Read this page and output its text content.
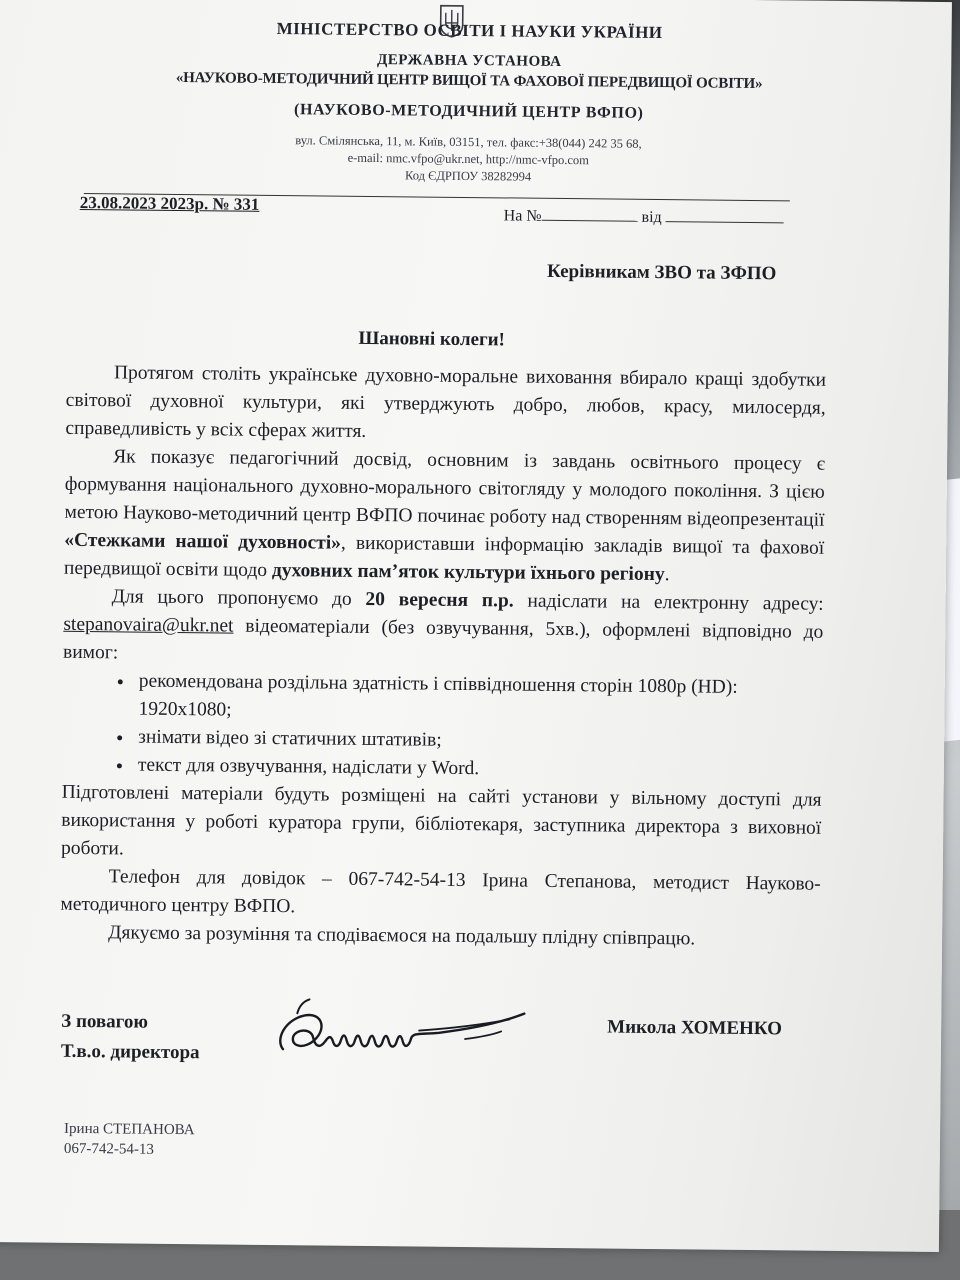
МІНІСТЕРСТВО ОСВІТИ І НАУКИ УКРАЇНИ
ДЕРЖАВНА УСТАНОВА
«НАУКОВО-МЕТОДИЧНИЙ ЦЕНТР ВИЩОЇ ТА ФАХОВОЇ ПЕРЕДВИЩОЇ ОСВІТИ»
(НАУКОВО-МЕТОДИЧНИЙ ЦЕНТР ВФПО)
вул. Смілянська, 11, м. Київ, 03151, тел. факс:+38(044) 242 35 68,
e-mail: nmc.vfpo@ukr.net, http://nmc-vfpo.com
Код ЄДРПОУ 38282994
23.08.2023 2023р. № 331
На №	від
Керівникам ЗВО та ЗФПО
Шановні колеги!

Протягом століть українське духовно-моральне виховання вбирало кращі здобутки світової духовної культури, які утверджують добро, любов, красу, милосердя, справедливість у всіх сферах життя.

Як показує педагогічний досвід, основним із завдань освітнього процесу є формування національного духовно-морального світогляду у молодого покоління. З цією метою Науково-методичний центр ВФПО починає роботу над створенням відеопрезентації «Стежками нашої духовності», використавши інформацію закладів вищої та фахової передвищої освіти щодо духовних пам’яток культури їхнього регіону.

Для цього пропонуємо до 20 вересня п.р. надіслати на електронну адресу: stepanovaira@ukr.net відеоматеріали (без озвучування, 5хв.), оформлені відповідно до вимог:

• рекомендована роздільна здатність і співвідношення сторін 1080p (HD): 1920x1080;
• знімати відео зі статичних штативів;
• текст для озвучування, надіслати у Word.

Підготовлені матеріали будуть розміщені на сайті установи у вільному доступі для використання у роботі куратора групи, бібліотекаря, заступника директора з виховної роботи.

Телефон для довідок – 067-742-54-13 Ірина Степанова, методист Науково-методичного центру ВФПО.

Дякуємо за розуміння та сподіваємося на подальшу плідну співпрацю.

З повагою
Т.в.о. директора
Микола ХОМЕНКО
Ірина СТЕПАНОВА
067-742-54-13
